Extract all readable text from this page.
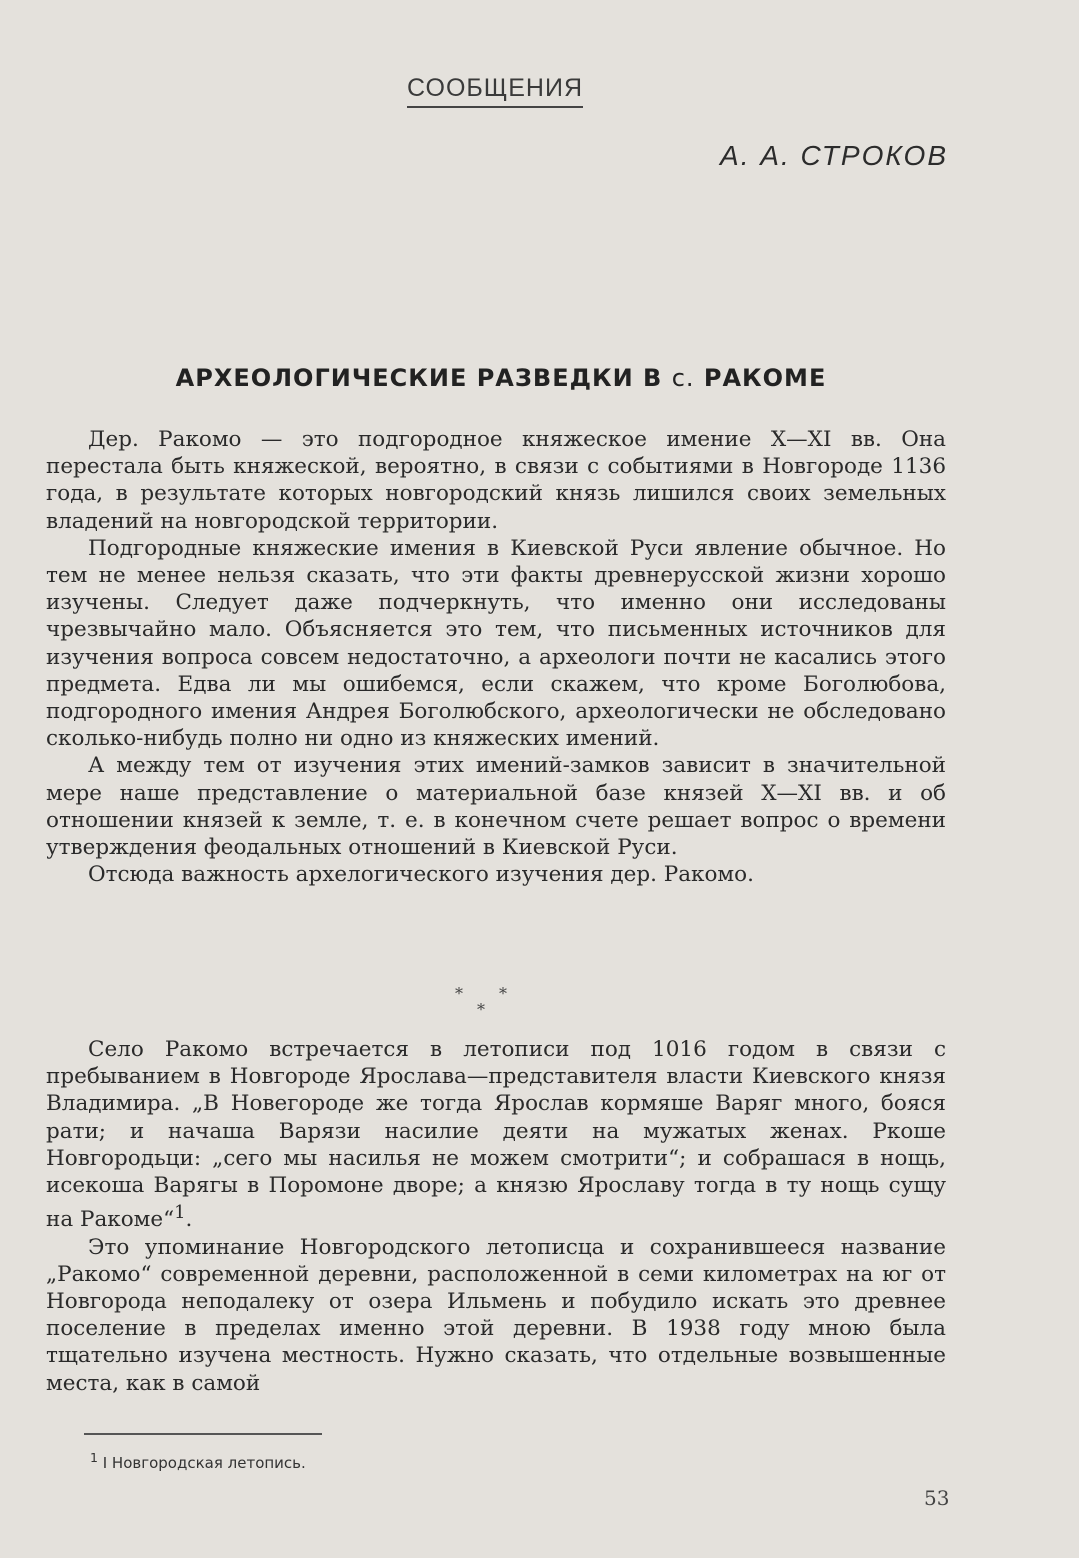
СООБЩЕНИЯ
А. А. СТРОКОВ
АРХЕОЛОГИЧЕСКИЕ РАЗВЕДКИ В с. РАКОМЕ

Дер. Ракомо — это подгородное княжеское имение X—XI вв. Она перестала быть княжеской, вероятно, в связи с событиями в Новгороде 1136 года, в результате которых новгородский князь лишился своих земельных владений на новгородской территории.

Подгородные княжеские имения в Киевской Руси явление обычное. Но тем не менее нельзя сказать, что эти факты древнерусской жизни хорошо изучены. Следует даже подчеркнуть, что именно они исследованы чрезвычайно мало. Объясняется это тем, что письменных источников для изучения вопроса совсем недостаточно, а археологи почти не касались этого предмета. Едва ли мы ошибемся, если скажем, что кроме Боголюбова, подгородного имения Андрея Боголюбского, археологически не обследовано сколько-нибудь полно ни одно из княжеских имений.

А между тем от изучения этих имений-замков зависит в значительной мере наше представление о материальной базе князей X—XI вв. и об отношении князей к земле, т. е. в конечном счете решает вопрос о времени утверждения феодальных отношений в Киевской Руси.

Отсюда важность архелогического изучения дер. Ракомо.

* *
*

Село Ракомо встречается в летописи под 1016 годом в связи с пребыванием в Новгороде Ярослава—представителя власти Киевского князя Владимира. „В Новегороде же тогда Ярослав кормяше Варяг много, бояся рати; и начаша Варязи насилие деяти на мужатых женах. Ркоше Новгородьци: „сего мы насилья не можем смотрити“; и собрашася в нощь, исекоша Варягы в Поромоне дворе; а князю Ярославу тогда в ту нощь сущу на Ракоме“$^1$.

Это упоминание Новгородского летописца и сохранившееся название „Ракомо“ современной деревни, расположенной в семи километрах на юг от Новгорода неподалеку от озера Ильмень и побудило искать это древнее поселение в пределах именно этой деревни. В 1938 году мною была тщательно изучена местность. Нужно сказать, что отдельные возвышенные места, как в самой

$^1$ I Новгородская летопись.
53
